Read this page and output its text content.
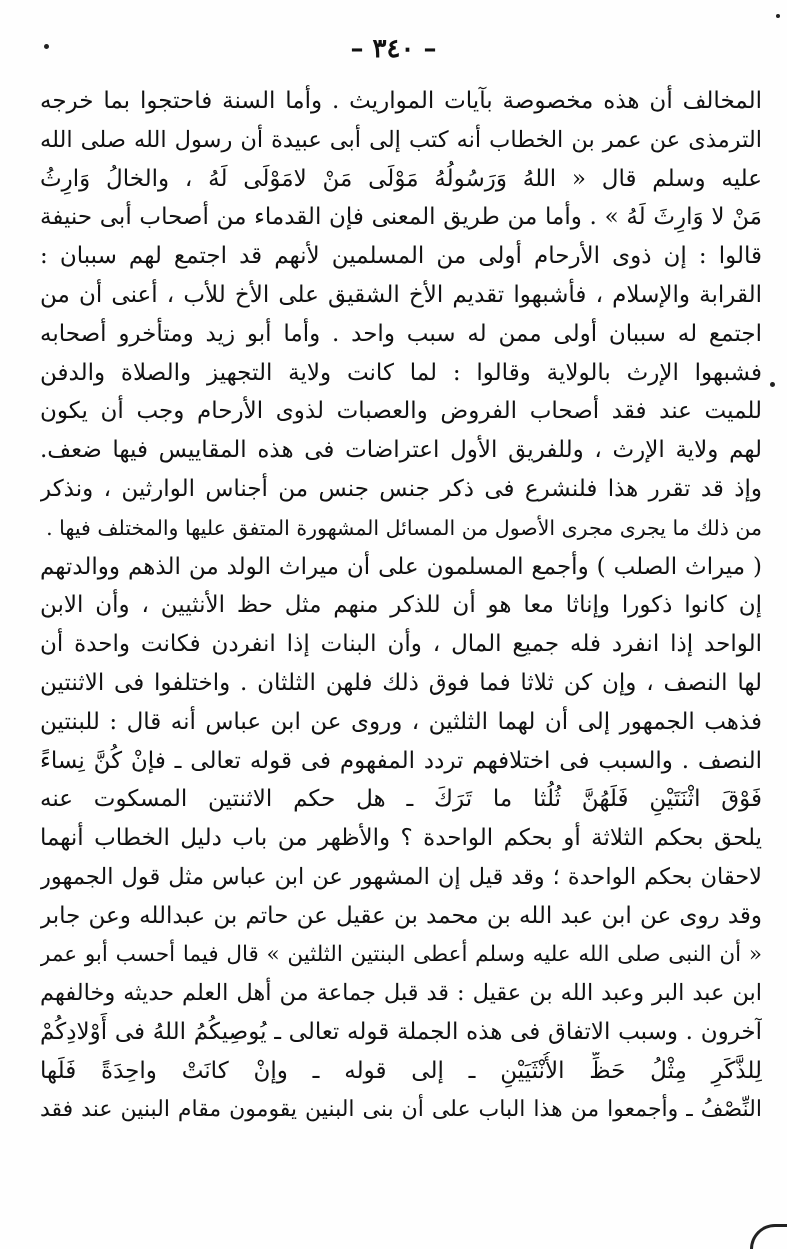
– ٣٤٠ –
المخالف أن هذه مخصوصة بآيات المواريث . وأما السنة فاحتجوا بما خرجه
الترمذى عن عمر بن الخطاب أنه كتب إلى أبى عبيدة أن رسول الله صلى الله
عليه وسلم قال « اللهُ وَرَسُولُهُ مَوْلَى مَنْ لامَوْلَى لَهُ ، والخالُ وَارِثُ
مَنْ لا وَارِثَ لَهُ » . وأما من طريق المعنى فإن القدماء من أصحاب أبى حنيفة
قالوا : إن ذوى الأرحام أولى من المسلمين لأنهم قد اجتمع لهم سببان :
القرابة والإسلام ، فأشبهوا تقديم الأخ الشقيق على الأخ للأب ، أعنى أن من
اجتمع له سببان أولى ممن له سبب واحد . وأما أبو زيد ومتأخرو أصحابه
فشبهوا الإرث بالولاية وقالوا : لما كانت ولاية التجهيز والصلاة والدفن
للميت عند فقد أصحاب الفروض والعصبات لذوى الأرحام وجب أن يكون
لهم ولاية الإرث ، وللفريق الأول اعتراضات فى هذه المقاييس فيها ضعف.
وإذ قد تقرر هذا فلنشرع فى ذكر جنس جنس من أجناس الوارثين ، ونذكر
من ذلك ما يجرى مجرى الأصول من المسائل المشهورة المتفق عليها والمختلف فيها .
( ميراث الصلب ) وأجمع المسلمون على أن ميراث الولد من الذهم ووالدتهم
إن كانوا ذكورا وإناثا معا هو أن للذكر منهم مثل حظ الأنثيين ، وأن الابن
الواحد إذا انفرد فله جميع المال ، وأن البنات إذا انفردن فكانت واحدة أن
لها النصف ، وإن كن ثلاثا فما فوق ذلك فلهن الثلثان . واختلفوا فى الاثنتين
فذهب الجمهور إلى أن لهما الثلثين ، وروى عن ابن عباس أنه قال : للبنتين
النصف . والسبب فى اختلافهم تردد المفهوم فى قوله تعالى ـ فإنْ كُنَّ نِساءً
فَوْقَ اثْنَتَيْنِ فَلَهُنَّ ثُلُثا ما تَرَكَ ـ هل حكم الاثنتين المسكوت عنه
يلحق بحكم الثلاثة أو بحكم الواحدة ؟ والأظهر من باب دليل الخطاب أنهما
لاحقان بحكم الواحدة ؛ وقد قيل إن المشهور عن ابن عباس مثل قول الجمهور
وقد روى عن ابن عبد الله بن محمد بن عقيل عن حاتم بن عبدالله وعن جابر
« أن النبى صلى الله عليه وسلم أعطى البنتين الثلثين » قال فيما أحسب أبو عمر
ابن عبد البر وعبد الله بن عقيل : قد قبل جماعة من أهل العلم حديثه وخالفهم
آخرون . وسبب الاتفاق فى هذه الجملة قوله تعالى ـ يُوصِيكُمُ اللهُ فى أَوْلادِكُمْ
لِلذَّكَرِ مِثْلُ حَظِّ الأُنْثَيَيْنِ ـ إلى قوله ـ وإنْ كانَتْ واحِدَةً فَلَها
النِّصْفُ ـ وأجمعوا من هذا الباب على أن بنى البنين يقومون مقام البنين عند فقد
